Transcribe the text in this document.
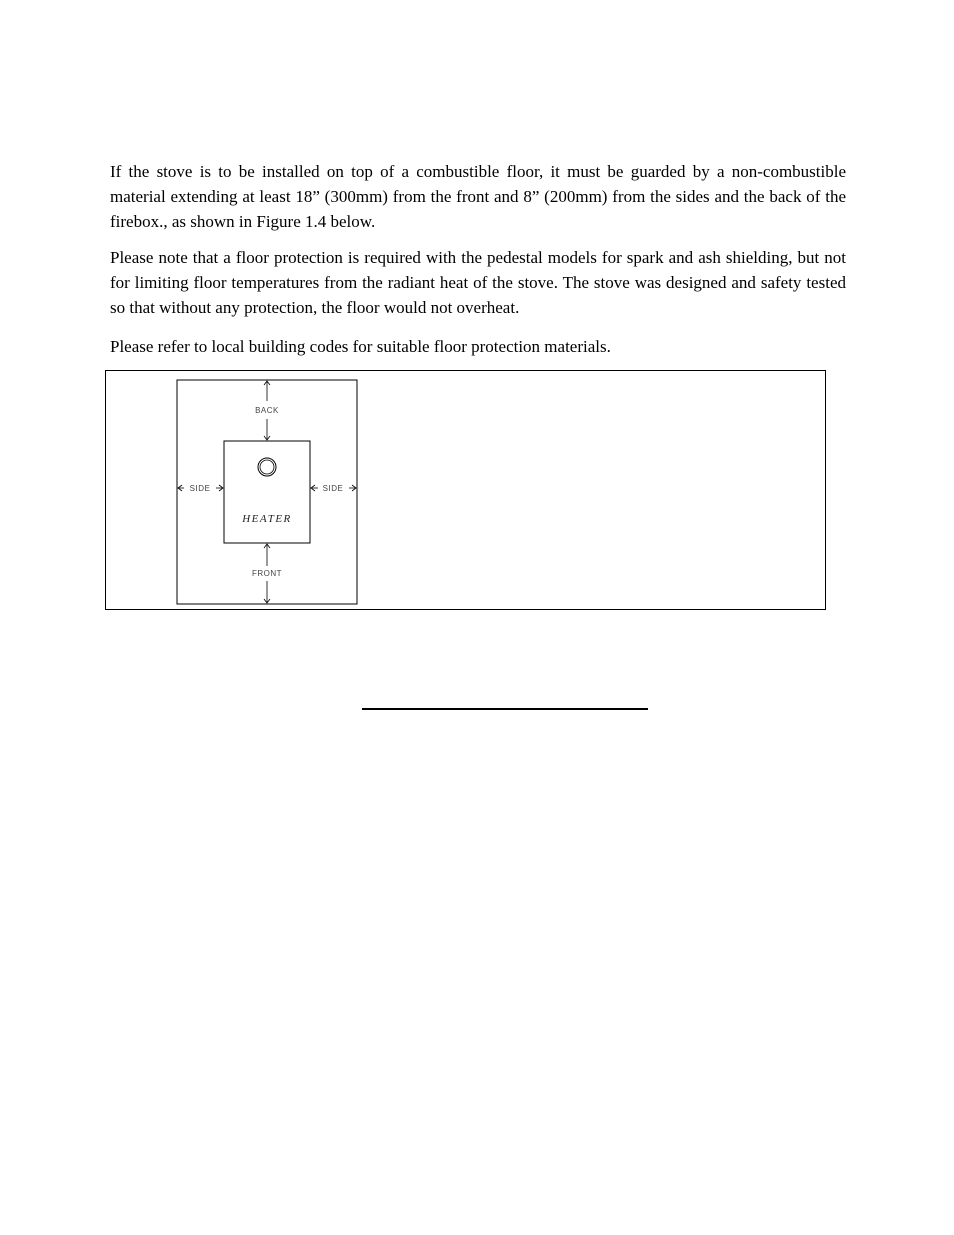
If the stove is to be installed on top of a combustible floor, it must be guarded by a non-combustible material extending at least 18” (300mm) from the front and 8” (200mm) from the sides and the back of the firebox., as shown in Figure 1.4 below.

Please note that a floor protection is required with the pedestal models for spark and ash shielding, but not for limiting floor temperatures from the radiant heat of the stove. The stove was designed and safety tested so that without any protection, the floor would not overheat.

Please refer to local building codes for suitable floor protection materials.

BACK
SIDE	SIDE
HEATER
FRONT
